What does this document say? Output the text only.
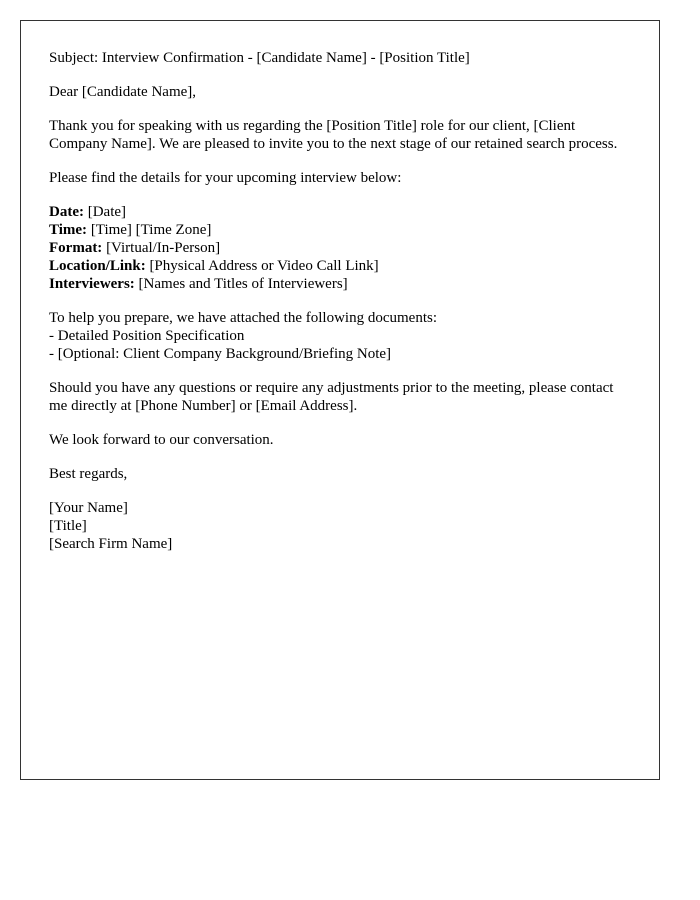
Subject: Interview Confirmation - [Candidate Name] - [Position Title]

Dear [Candidate Name],

Thank you for speaking with us regarding the [Position Title] role for our client, [Client Company Name]. We are pleased to invite you to the next stage of our retained search process.

Please find the details for your upcoming interview below:

Date: [Date]
Time: [Time] [Time Zone]
Format: [Virtual/In-Person]
Location/Link: [Physical Address or Video Call Link]
Interviewers: [Names and Titles of Interviewers]
To help you prepare, we have attached the following documents:
- Detailed Position Specification
- [Optional: Client Company Background/Briefing Note]

Should you have any questions or require any adjustments prior to the meeting, please contact me directly at [Phone Number] or [Email Address].

We look forward to our conversation.

Best regards,

[Your Name]
[Title]
[Search Firm Name]
